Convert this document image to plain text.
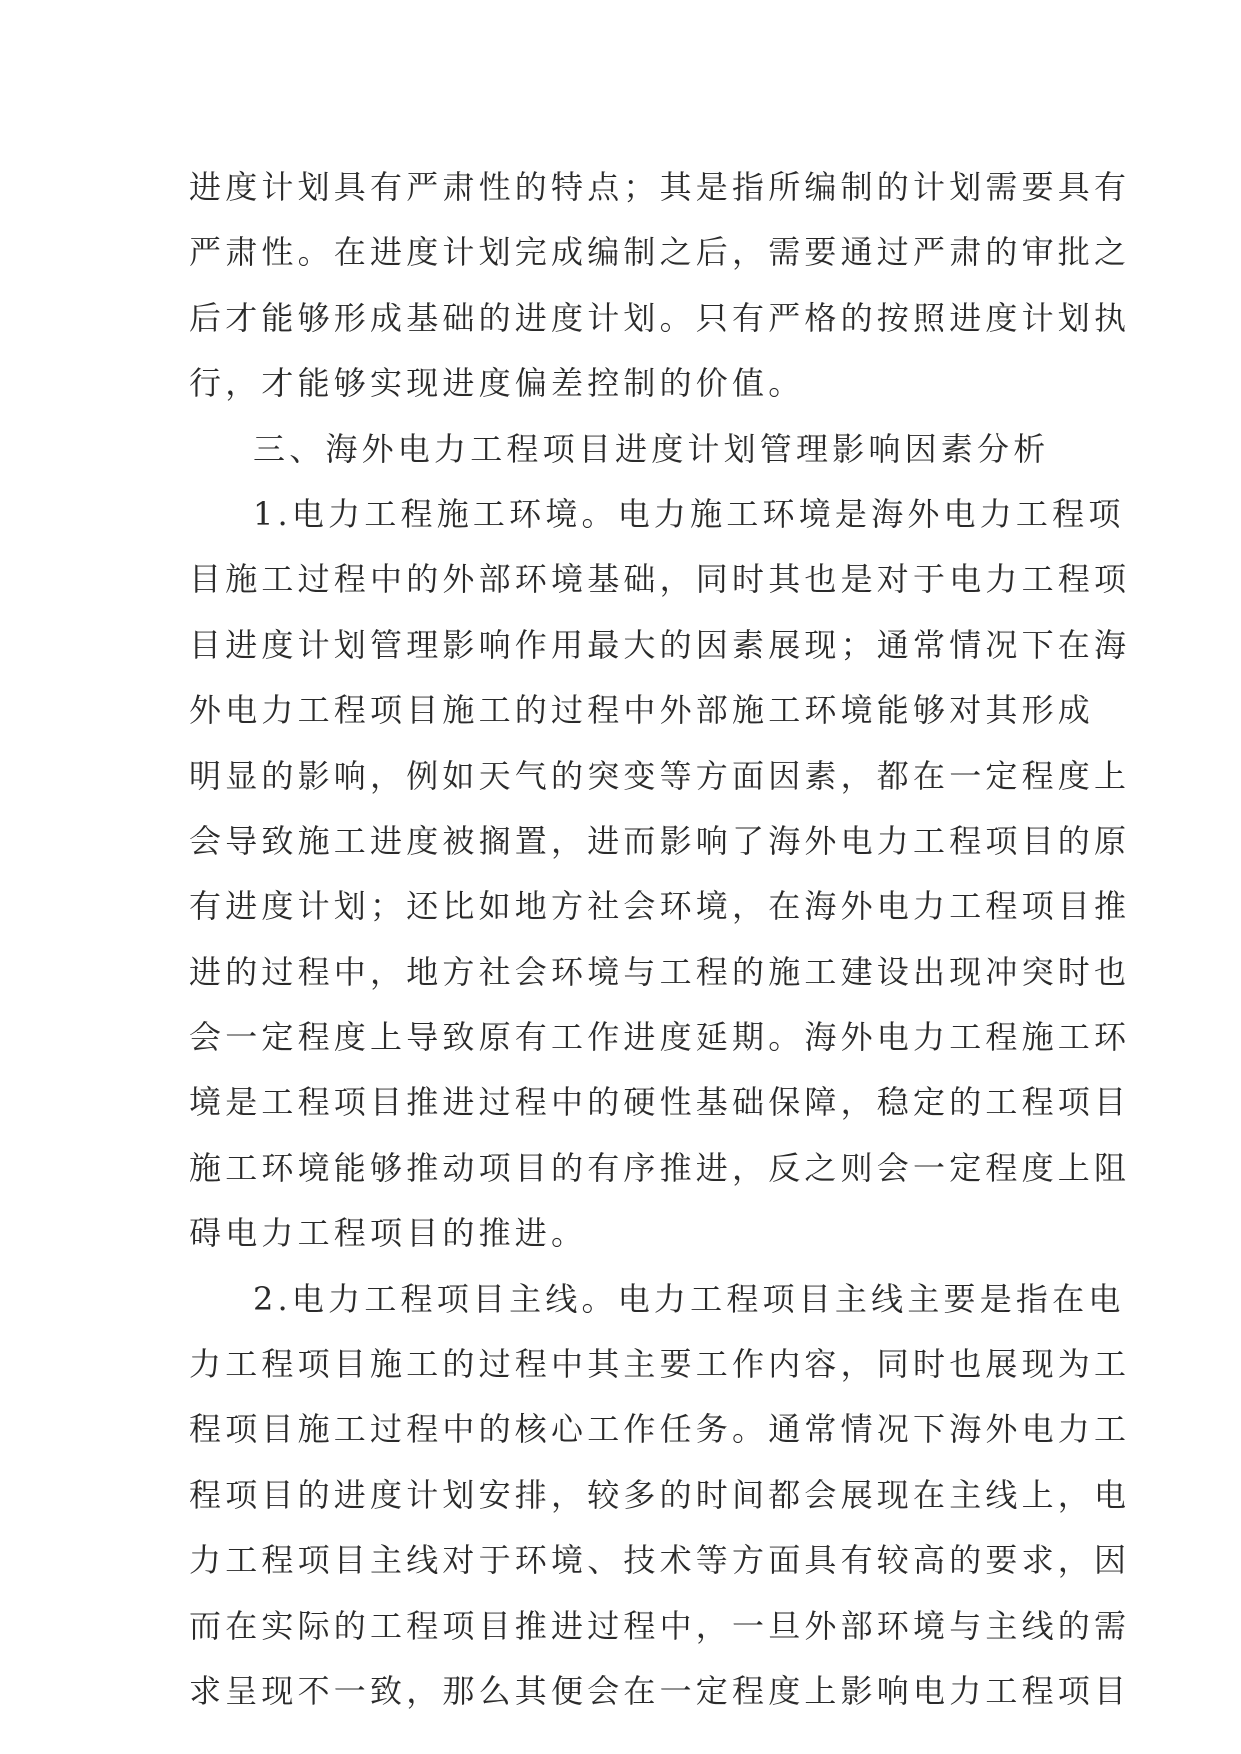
进度计划具有严肃性的特点；其是指所编制的计划需要具有
严肃性。在进度计划完成编制之后，需要通过严肃的审批之
后才能够形成基础的进度计划。只有严格的按照进度计划执
行，才能够实现进度偏差控制的价值。
三、海外电力工程项目进度计划管理影响因素分析
1.电力工程施工环境。电力施工环境是海外电力工程项
目施工过程中的外部环境基础，同时其也是对于电力工程项
目进度计划管理影响作用最大的因素展现；通常情况下在海
外电力工程项目施工的过程中外部施工环境能够对其形成
明显的影响，例如天气的突变等方面因素，都在一定程度上
会导致施工进度被搁置，进而影响了海外电力工程项目的原
有进度计划；还比如地方社会环境，在海外电力工程项目推
进的过程中，地方社会环境与工程的施工建设出现冲突时也
会一定程度上导致原有工作进度延期。海外电力工程施工环
境是工程项目推进过程中的硬性基础保障，稳定的工程项目
施工环境能够推动项目的有序推进，反之则会一定程度上阻
碍电力工程项目的推进。
2.电力工程项目主线。电力工程项目主线主要是指在电
力工程项目施工的过程中其主要工作内容，同时也展现为工
程项目施工过程中的核心工作任务。通常情况下海外电力工
程项目的进度计划安排，较多的时间都会展现在主线上，电
力工程项目主线对于环境、技术等方面具有较高的要求，因
而在实际的工程项目推进过程中，一旦外部环境与主线的需
求呈现不一致，那么其便会在一定程度上影响电力工程项目
